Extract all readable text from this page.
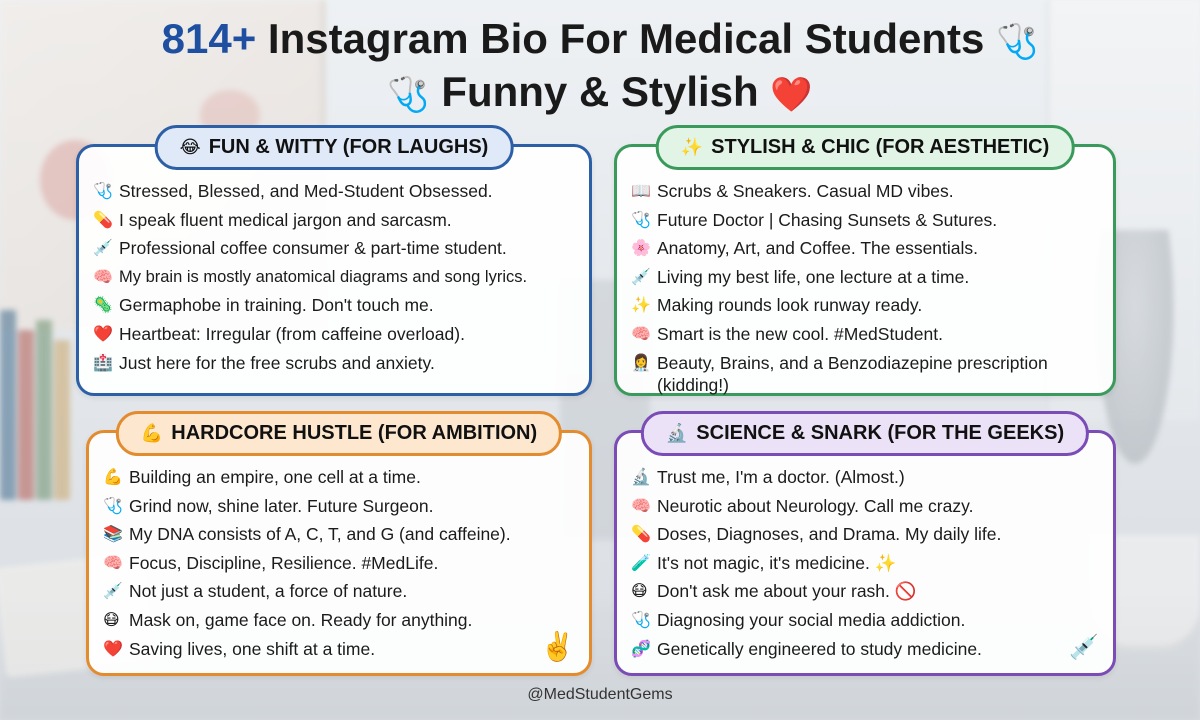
814+ Instagram Bio For Medical Students 🩺
🩺 Funny & Stylish ❤️
😂 FUN & WITTY (FOR LAUGHS)
🩺 Stressed, Blessed, and Med-Student Obsessed.
💊 I speak fluent medical jargon and sarcasm.
💉 Professional coffee consumer & part-time student.
🧠 My brain is mostly anatomical diagrams and song lyrics.
🦠 Germaphobe in training. Don't touch me.
❤️ Heartbeat: Irregular (from caffeine overload).
🏥 Just here for the free scrubs and anxiety.
✨ STYLISH & CHIC (FOR AESTHETIC)
📖 Scrubs & Sneakers. Casual MD vibes.
🩺 Future Doctor | Chasing Sunsets & Sutures.
🌸 Anatomy, Art, and Coffee. The essentials.
💉 Living my best life, one lecture at a time.
✨ Making rounds look runway ready.
🧠 Smart is the new cool. #MedStudent.
👩‍⚕️ Beauty, Brains, and a Benzodiazepine prescription (kidding!)
💪 HARDCORE HUSTLE (FOR AMBITION)
💪 Building an empire, one cell at a time.
🩺 Grind now, shine later. Future Surgeon.
📚 My DNA consists of A, C, T, and G (and caffeine).
🧠 Focus, Discipline, Resilience. #MedLife.
💉 Not just a student, a force of nature.
😷 Mask on, game face on. Ready for anything.
❤️ Saving lives, one shift at a time.	✌️
🔬 SCIENCE & SNARK (FOR THE GEEKS)
🔬 Trust me, I'm a doctor. (Almost.)
🧠 Neurotic about Neurology. Call me crazy.
💊 Doses, Diagnoses, and Drama. My daily life.
🧪 It's not magic, it's medicine. ✨
😷 Don't ask me about your rash. 🚫
🩺 Diagnosing your social media addiction.
🧬 Genetically engineered to study medicine.	💉
@MedStudentGems
